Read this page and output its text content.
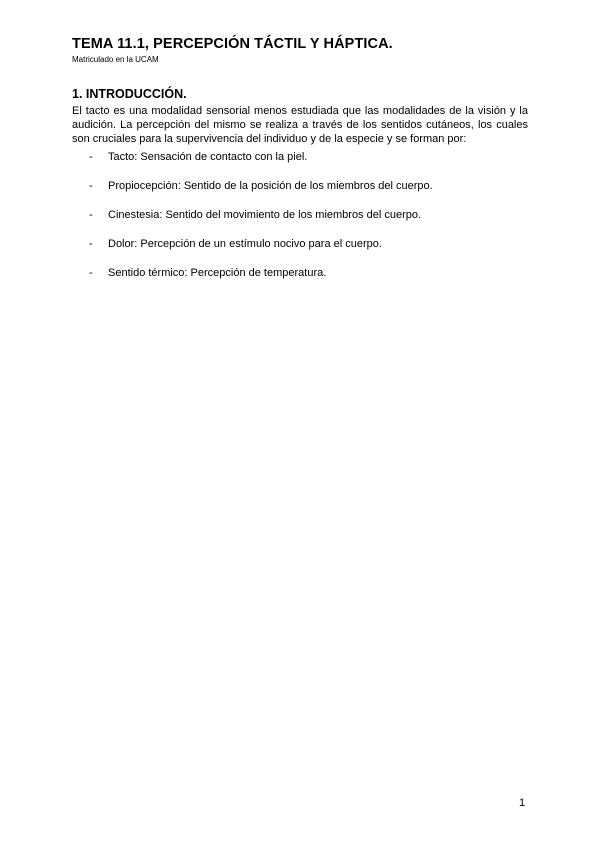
TEMA 11.1, PERCEPCIÓN TÁCTIL Y HÁPTICA.
Matriculado en la UCAM
1. INTRODUCCIÓN.
El tacto es una modalidad sensorial menos estudiada que las modalidades de la visión y la audición. La percepción del mismo se realiza a través de los sentidos cutáneos, los cuales son cruciales para la supervivencia del individuo y de la especie y se forman por:
- Tacto: Sensación de contacto con la piel.
- Propiocepción: Sentido de la posición de los miembros del cuerpo.
- Cinestesia: Sentido del movimiento de los miembros del cuerpo.
- Dolor: Percepción de un estímulo nocivo para el cuerpo.
- Sentido térmico: Percepción de temperatura.
1
